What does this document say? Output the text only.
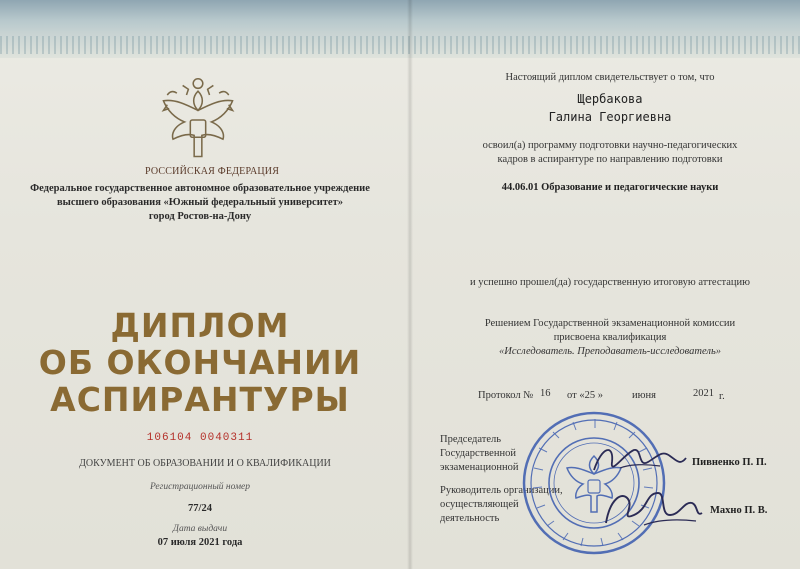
РОССИЙСКАЯ ФЕДЕРАЦИЯ
Федеральное государственное автономное образовательное учреждение
высшего образования «Южный федеральный университет»
город Ростов-на-Дону
ДИПЛОМ
ОБ ОКОНЧАНИИ
АСПИРАНТУРЫ
106104 0040311
ДОКУМЕНТ ОБ ОБРАЗОВАНИИ И О КВАЛИФИКАЦИИ
Регистрационный номер
77/24
Дата выдачи
07 июля 2021 года
Настоящий диплом свидетельствует о том, что
Щербакова
Галина Георгиевна
освоил(а) программу подготовки научно-педагогических
кадров в аспирантуре по направлению подготовки
44.06.01 Образование и педагогические науки
и успешно прошел(да) государственную итоговую аттестацию
Решением Государственной экзаменационной комиссии
присвоена квалификация
«Исследователь. Преподаватель-исследователь»
Протокол № 16 от «25 »	июня	2021 г.
Председатель
Государственной
экзаменационной	Пивненко П. П.
Руководитель организации,
осуществляющей
деятельность
Махно П. В.
